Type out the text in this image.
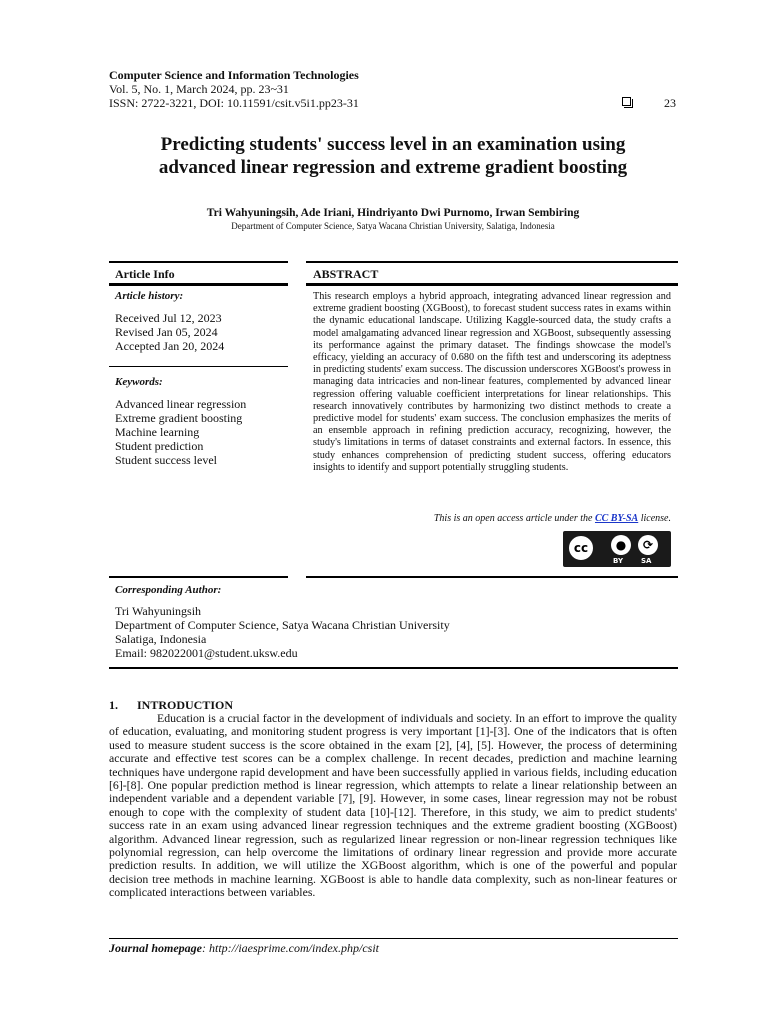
Computer Science and Information Technologies
Vol. 5, No. 1, March 2024, pp. 23~31
ISSN: 2722-3221, DOI: 10.11591/csit.v5i1.pp23-31	23
Predicting students' success level in an examination using
advanced linear regression and extreme gradient boosting
Tri Wahyuningsih, Ade Iriani, Hindriyanto Dwi Purnomo, Irwan Sembiring
Department of Computer Science, Satya Wacana Christian University, Salatiga, Indonesia
Article Info	ABSTRACT
Article history:
Received Jul 12, 2023
Revised Jan 05, 2024
Accepted Jan 20, 2024
Keywords:
Advanced linear regression
Extreme gradient boosting
Machine learning
Student prediction
Student success level
This research employs a hybrid approach, integrating advanced linear regression and extreme gradient boosting (XGBoost), to forecast student success rates in exams within the dynamic educational landscape. Utilizing Kaggle-sourced data, the study crafts a model amalgamating advanced linear regression and XGBoost, subsequently assessing its performance against the primary dataset. The findings showcase the model's efficacy, yielding an accuracy of 0.680 on the fifth test and underscoring its adeptness in predicting students' exam success. The discussion underscores XGBoost's prowess in managing data intricacies and non-linear features, complemented by advanced linear regression offering valuable coefficient interpretations for linear relationships. This research innovatively contributes by harmonizing two distinct methods to create a predictive model for students' exam success. The conclusion emphasizes the merits of an ensemble approach in refining prediction accuracy, recognizing, however, the study's limitations in terms of dataset constraints and external factors. In essence, this study enhances comprehension of predicting student success, offering educators insights to identify and support potentially struggling students.
This is an open access article under the CC BY-SA license.
cc	●	⟳
BY	SA
Corresponding Author:
Tri Wahyuningsih
Department of Computer Science, Satya Wacana Christian University
Salatiga, Indonesia
Email: 982022001@student.uksw.edu
1. INTRODUCTION

Education is a crucial factor in the development of individuals and society. In an effort to improve the quality of education, evaluating, and monitoring student progress is very important [1]-[3]. One of the indicators that is often used to measure student success is the score obtained in the exam [2], [4], [5]. However, the process of determining accurate and effective test scores can be a complex challenge. In recent decades, prediction and machine learning techniques have undergone rapid development and have been successfully applied in various fields, including education [6]-[8]. One popular prediction method is linear regression, which attempts to relate a linear relationship between an independent variable and a dependent variable [7], [9]. However, in some cases, linear regression may not be robust enough to cope with the complexity of student data [10]-[12]. Therefore, in this study, we aim to predict students' success rate in an exam using advanced linear regression techniques and the extreme gradient boosting (XGBoost) algorithm. Advanced linear regression, such as regularized linear regression or non-linear regression techniques like polynomial regression, can help overcome the limitations of ordinary linear regression and provide more accurate prediction results. In addition, we will utilize the XGBoost algorithm, which is one of the powerful and popular decision tree methods in machine learning. XGBoost is able to handle data complexity, such as non-linear features or complicated interactions between variables.

Journal homepage: http://iaesprime.com/index.php/csit
